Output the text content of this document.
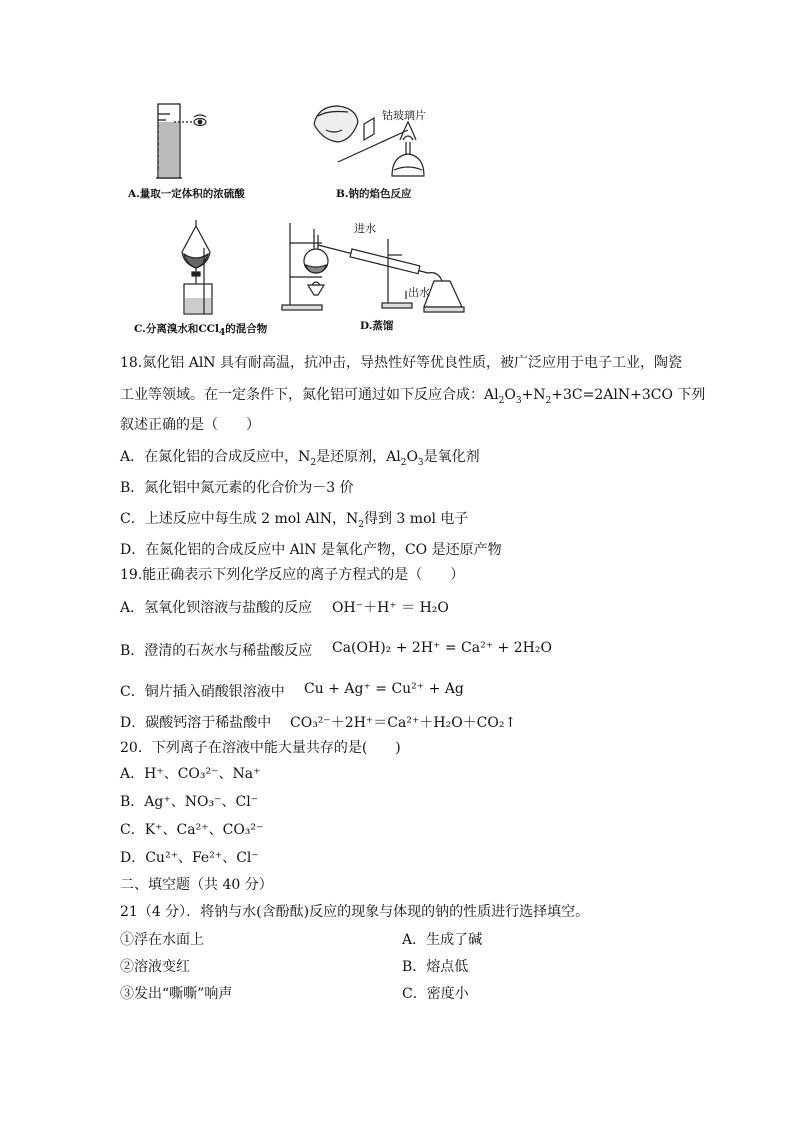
A.量取一定体积的浓硫酸
钴玻璃片
B.钠的焰色反应
C.分离溴水和CCl$_4$的混合物
进水
出水
D.蒸馏
18.氮化铝 AlN 具有耐高温，抗冲击，导热性好等优良性质，被广泛应用于电子工业，陶瓷
工业等领域。在一定条件下，氮化铝可通过如下反应合成：$Al_2O_3+N_2+3C=2AlN+3CO$ 下列
叙述正确的是（　　）
A．在氮化铝的合成反应中，$N_2$是还原剂，$Al_2O_3$是氧化剂
B．氮化铝中氮元素的化合价为－3 价
C．上述反应中每生成 2 mol AlN，$N_2$得到 3 mol 电子
D．在氮化铝的合成反应中 AlN 是氧化产物，CO 是还原产物
19.能正确表示下列化学反应的离子方程式的是（　　）
A．氢氧化钡溶液与盐酸的反应 OH⁻＋H⁺ ＝ H₂O
B．澄清的石灰水与稀盐酸反应 Ca(OH)₂ + 2H⁺ = Ca²⁺ + 2H₂O
C．铜片插入硝酸银溶液中 Cu + Ag⁺ = Cu²⁺ + Ag
D．碳酸钙溶于稀盐酸中 CO₃²⁻＋2H⁺＝Ca²⁺＋H₂O＋CO₂↑
20．下列离子在溶液中能大量共存的是(　　)
A．H⁺、CO₃²⁻、Na⁺
B．Ag⁺、NO₃⁻、Cl⁻
C．K⁺、Ca²⁺、CO₃²⁻
D．Cu²⁺、Fe²⁺、Cl⁻
二、填空题（共 40 分）
21（4 分）．将钠与水(含酚酞)反应的现象与体现的钠的性质进行选择填空。
①浮在水面上	A．生成了碱
②溶液变红	B．熔点低
③发出“嘶嘶”响声	C．密度小
